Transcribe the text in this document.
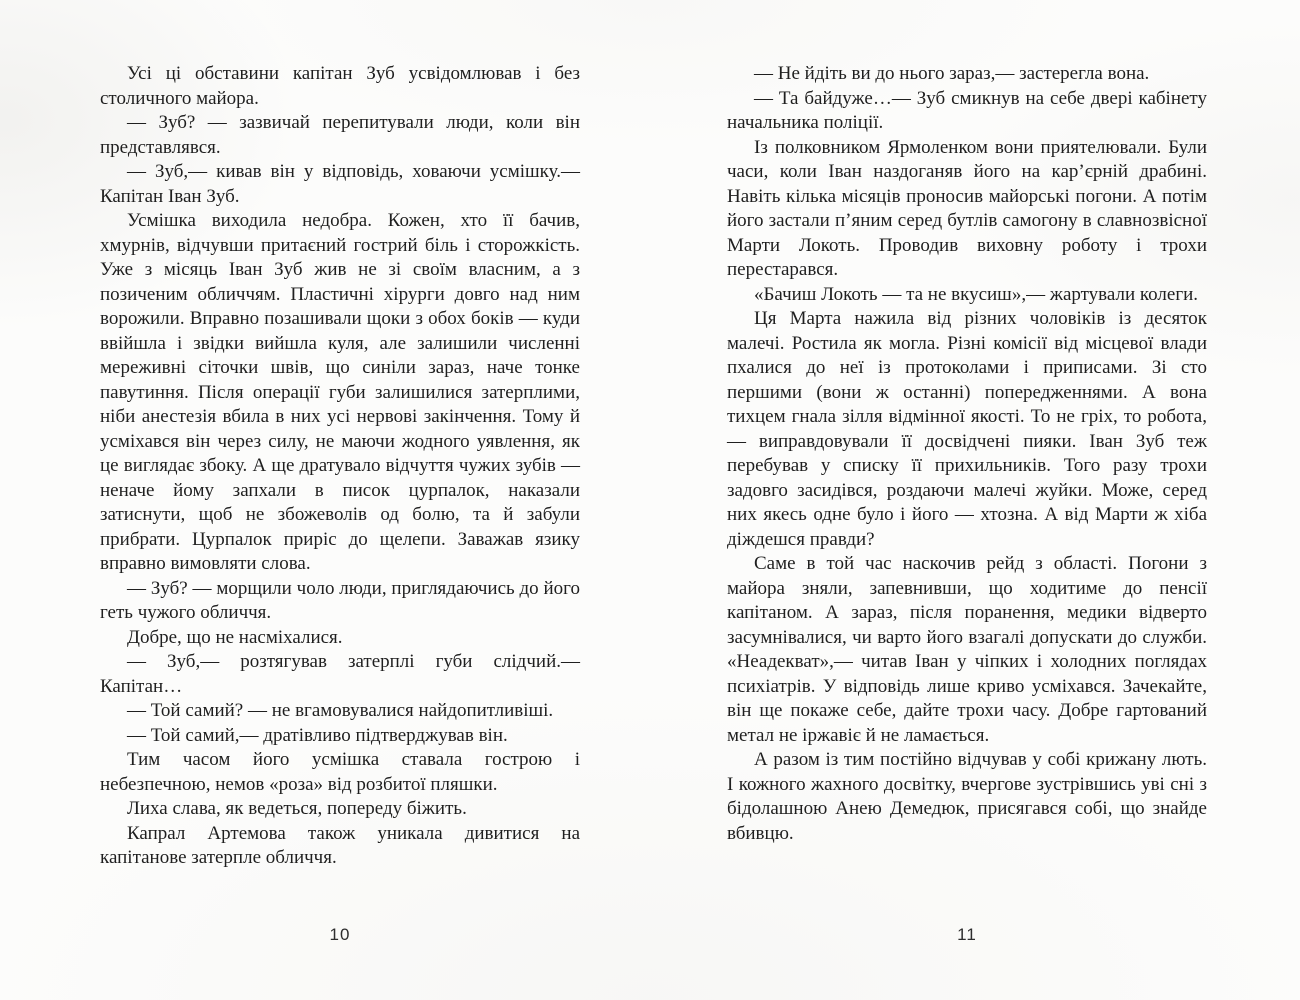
Усі ці обставини капітан Зуб усвідомлював і без столичного майора.

— Зуб? — зазвичай перепитували люди, коли він представлявся.

— Зуб,— кивав він у відповідь, ховаючи усмішку.— Капітан Іван Зуб.

Усмішка виходила недобра. Кожен, хто її бачив, хмурнів, відчувши притаєний гострий біль і сторожкість. Уже з місяць Іван Зуб жив не зі своїм власним, а з позиченим обличчям. Пластичні хірурги довго над ним ворожили. Вправно позашивали щоки з обох боків — куди ввійшла і звідки вийшла куля, але залишили численні мереживні сіточки швів, що синіли зараз, наче тонке павутиння. Після операції губи залишилися затерплими, ніби анестезія вбила в них усі нервові закінчення. Тому й усміхався він через силу, не маючи жодного уявлення, як це виглядає збоку. А ще дратувало відчуття чужих зубів — неначе йому запхали в писок цурпалок, наказали затиснути, щоб не збожеволів од болю, та й забули прибрати. Цурпалок приріс до щелепи. Заважав язику вправно вимовляти слова.

— Зуб? — морщили чоло люди, приглядаючись до його геть чужого обличчя.

Добре, що не насміхалися.

— Зуб,— розтягував затерплі губи слідчий.— Капітан…

— Той самий? — не вгамовувалися найдопитливіші.

— Той самий,— дратівливо підтверджував він.

Тим часом його усмішка ставала гострою і небезпечною, немов «роза» від розбитої пляшки.

Лиха слава, як ведеться, попереду біжить.

Капрал Артемова також уникала дивитися на капітанове затерпле обличчя.

10

— Не йдіть ви до нього зараз,— застерегла вона.

— Та байдуже…— Зуб смикнув на себе двері кабінету начальника поліції.

Із полковником Ярмоленком вони приятелювали. Були часи, коли Іван наздоганяв його на кар’єрній драбині. Навіть кілька місяців проносив майорські погони. А потім його застали п’яним серед бутлів самогону в славнозвісної Марти Локоть. Проводив виховну роботу і трохи перестарався.

«Бачиш Локоть — та не вкусиш»,— жартували колеги.

Ця Марта нажила від різних чоловіків із десяток малечі. Ростила як могла. Різні комісії від місцевої влади пхалися до неї із протоколами і приписами. Зі сто першими (вони ж останні) попередженнями. А вона тихцем гнала зілля відмінної якості. То не гріх, то робота,— виправдовували її досвідчені пияки. Іван Зуб теж перебував у списку її прихильників. Того разу трохи задовго засидівся, роздаючи малечі жуйки. Може, серед них якесь одне було і його — хтозна. А від Марти ж хіба діждешся правди?

Саме в той час наскочив рейд з області. Погони з майора зняли, запевнивши, що ходитиме до пенсії капітаном. А зараз, після поранення, медики відверто засумнівалися, чи варто його взагалі допускати до служби. «Неадекват»,— читав Іван у чіпких і холодних поглядах психіатрів. У відповідь лише криво усміхався. Зачекайте, він ще покаже себе, дайте трохи часу. Добре гартований метал не іржавіє й не ламається.

А разом із тим постійно відчував у собі крижану лють. І кожного жахного досвітку, вчергове зустрівшись уві сні з бідолашною Анею Демедюк, присягався собі, що знайде вбивцю.

11
